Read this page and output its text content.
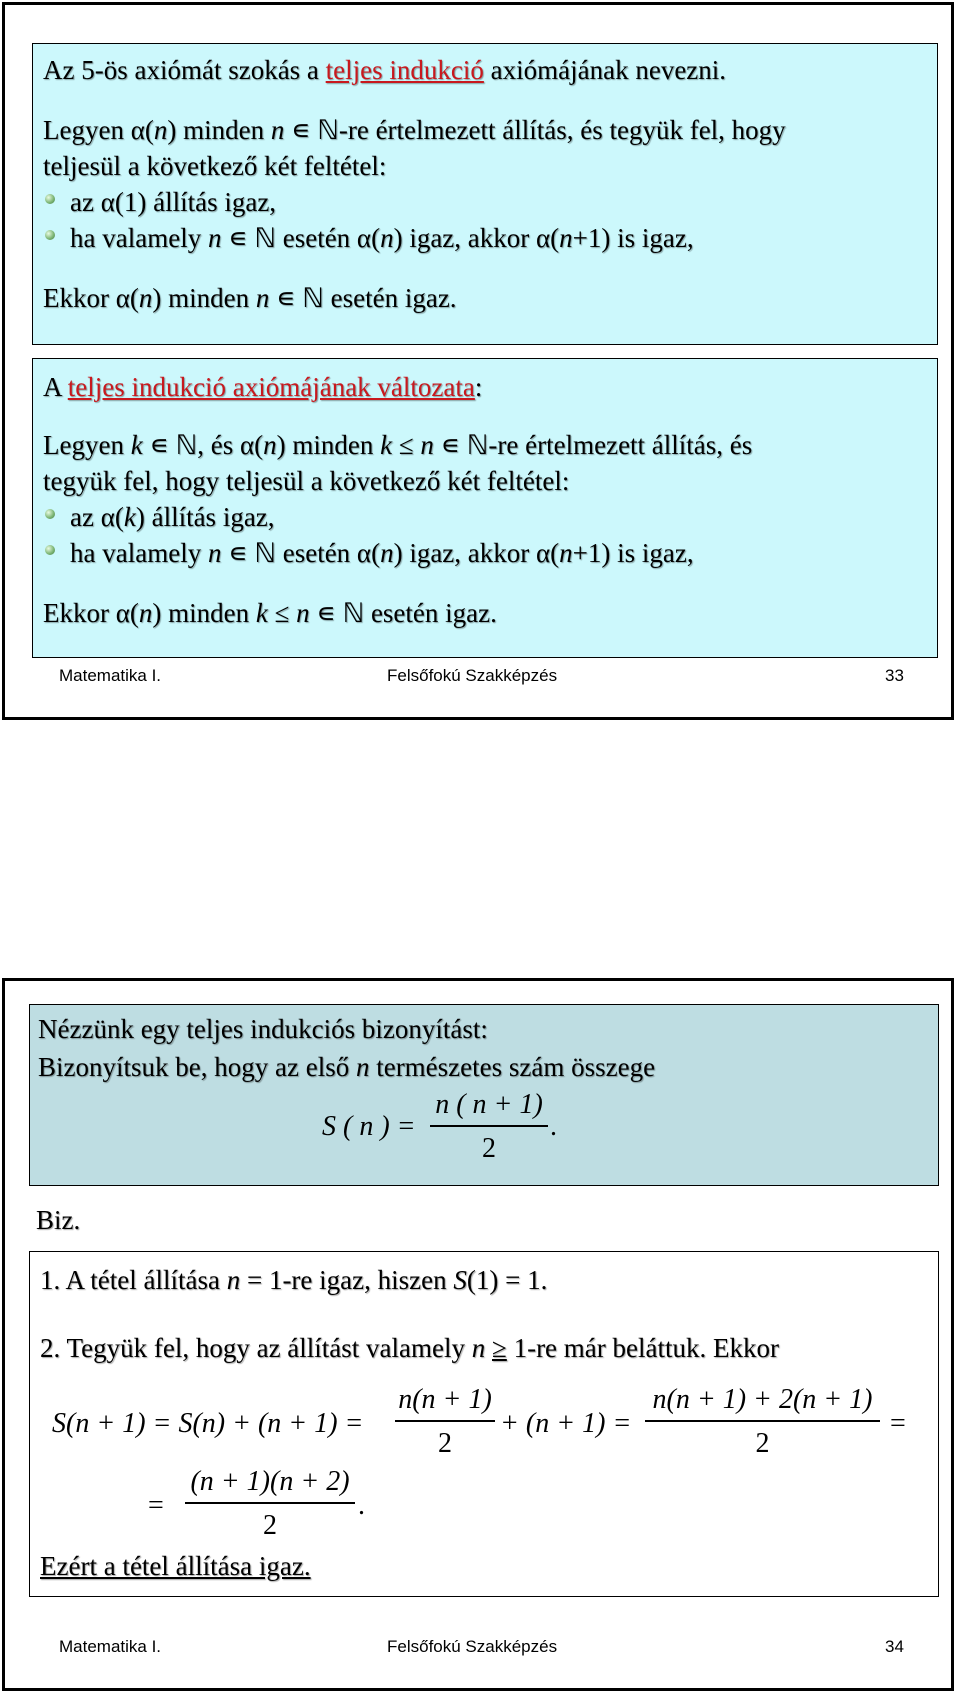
Az 5-ös axiómát szokás a teljes indukció axiómájának nevezni.
Legyen α(n) minden n ∊ ℕ-re értelmezett állítás, és tegyük fel, hogy
teljesül a következő két feltétel:
az α(1) állítás igaz,
ha valamely n ∊ ℕ esetén α(n) igaz, akkor α(n+1) is igaz,
Ekkor α(n) minden n ∊ ℕ esetén igaz.
A teljes indukció axiómájának változata:
Legyen k ∊ ℕ, és α(n) minden k ≤ n ∊ ℕ-re értelmezett állítás, és
tegyük fel, hogy teljesül a következő két feltétel:
az α(k) állítás igaz,
ha valamely n ∊ ℕ esetén α(n) igaz, akkor α(n+1) is igaz,
Ekkor α(n) minden k ≤ n ∊ ℕ esetén igaz.
Matematika I.	Felsőfokú Szakképzés	33
Nézzünk egy teljes indukciós bizonyítást:
Bizonyítsuk be, hogy az első n természetes szám összege
S ( n ) =
n ( n + 1)
2
.
Biz.
1. A tétel állítása n = 1-re igaz, hiszen S(1) = 1.
2. Tegyük fel, hogy az állítást valamely n ≥ 1-re már beláttuk. Ekkor
S(n + 1) = S(n) + (n + 1) =
n(n + 1)
2
+ (n + 1) =
n(n + 1) + 2(n + 1)
2
=
=
(n + 1)(n + 2)
2
.
Ezért a tétel állítása igaz.
Matematika I.	Felsőfokú Szakképzés	34
